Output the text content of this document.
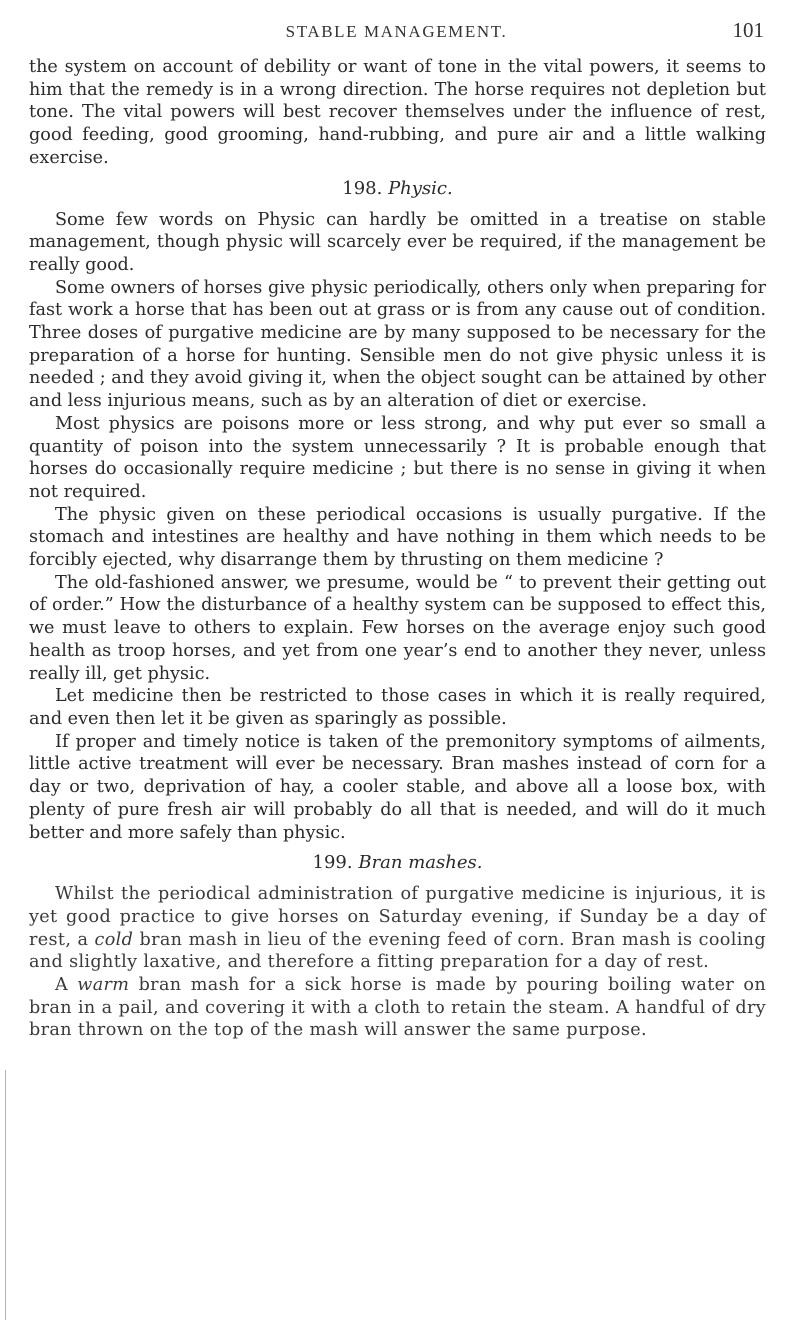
STABLE MANAGEMENT.	101

the system on account of debility or want of tone in the vital powers, it seems to him that the remedy is in a wrong direction. The horse requires not depletion but tone. The vital powers will best recover themselves under the influence of rest, good feeding, good grooming, hand-rubbing, and pure air and a little walking exercise.

198. Physic.

Some few words on Physic can hardly be omitted in a treatise on stable management, though physic will scarcely ever be required, if the management be really good.

Some owners of horses give physic periodically, others only when preparing for fast work a horse that has been out at grass or is from any cause out of condition. Three doses of purgative medicine are by many supposed to be necessary for the preparation of a horse for hunting. Sensible men do not give physic unless it is needed ; and they avoid giving it, when the object sought can be attained by other and less injurious means, such as by an alteration of diet or exercise.

Most physics are poisons more or less strong, and why put ever so small a quantity of poison into the system unnecessarily ? It is probable enough that horses do occasionally require medicine ; but there is no sense in giving it when not required.

The physic given on these periodical occasions is usually purgative. If the stomach and intestines are healthy and have nothing in them which needs to be forcibly ejected, why disarrange them by thrusting on them medicine ?

The old-fashioned answer, we presume, would be “ to prevent their getting out of order.” How the disturbance of a healthy system can be supposed to effect this, we must leave to others to explain. Few horses on the average enjoy such good health as troop horses, and yet from one year’s end to another they never, unless really ill, get physic.

Let medicine then be restricted to those cases in which it is really required, and even then let it be given as sparingly as possible.

If proper and timely notice is taken of the premonitory symptoms of ailments, little active treatment will ever be necessary. Bran mashes instead of corn for a day or two, deprivation of hay, a cooler stable, and above all a loose box, with plenty of pure fresh air will probably do all that is needed, and will do it much better and more safely than physic.

199. Bran mashes.

Whilst the periodical administration of purgative medicine is injurious, it is yet good practice to give horses on Saturday evening, if Sunday be a day of rest, a cold bran mash in lieu of the evening feed of corn. Bran mash is cooling and slightly laxative, and therefore a fitting preparation for a day of rest.

A warm bran mash for a sick horse is made by pouring boiling water on bran in a pail, and covering it with a cloth to retain the steam. A handful of dry bran thrown on the top of the mash will answer the same purpose.
